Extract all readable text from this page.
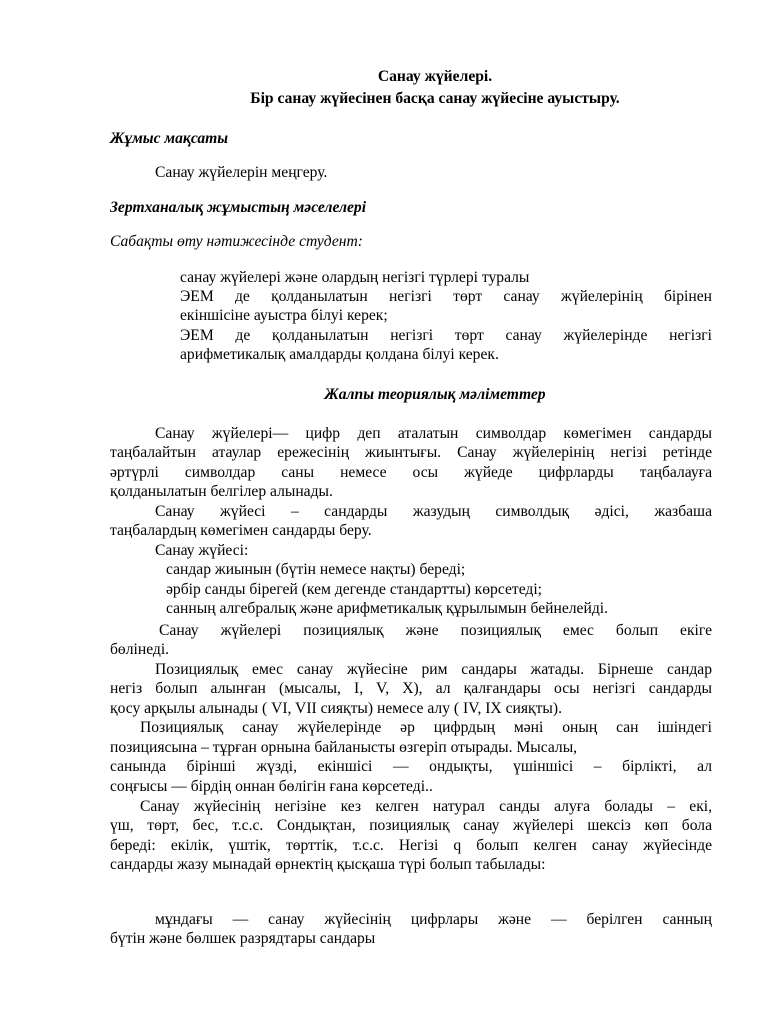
Санау жүйелері.
Бір санау жүйесінен басқа санау жүйесіне ауыстыру.
Жұмыс мақсаты
Санау жүйелерін меңгеру.
Зертханалық жұмыстың мәселелері
Сабақты өту нәтижесінде студент:
санау жүйелері және олардың негізгі түрлері туралы
ЭЕМ де қолданылатын негізгі төрт санау жүйелерінің бірінен
екіншісіне ауыстра білуі керек;
ЭЕМ де қолданылатын негізгі төрт санау жүйелерінде негізгі
арифметикалық амалдарды қолдана білуі керек.
Жалпы теориялық мәліметтер
Санау жүйелері— цифр деп аталатын символдар көмегімен сандарды
таңбалайтын атаулар ережесінің жиынтығы. Санау жүйелерінің негізі ретінде
әртүрлі символдар саны немесе осы жүйеде цифрларды таңбалауға
қолданылатын белгілер алынады.
Санау жүйесі – сандарды жазудың символдық әдісі, жазбаша
таңбалардың көмегімен сандарды беру.
Санау жүйесі:
сандар жиынын (бүтін немесе нақты) береді;
әрбір санды бірегей (кем дегенде стандартты) көрсетеді;
санның алгебралық және арифметикалық құрылымын бейнелейді.
Санау жүйелері позициялық және позициялық емес болып екіге
бөлінеді.
Позициялық емес санау жүйесіне рим сандары жатады. Бірнеше сандар
негіз болып алынған (мысалы, I, V, X), ал қалғандары осы негізгі сандарды
қосу арқылы алынады ( VI, VII сияқты) немесе алу ( IV, IX сияқты).
Позициялық санау жүйелерінде әр цифрдың мәні оның сан ішіндегі
позициясына – тұрған орнына байланысты өзгеріп отырады. Мысалы,
санында бірінші жүзді, екіншісі — ондықты, үшіншісі – бірлікті, ал
соңғысы — бірдің оннан бөлігін ғана көрсетеді..
Санау жүйесінің негізіне кез келген натурал санды алуға болады – екі,
үш, төрт, бес, т.с.с. Сондықтан, позициялық санау жүйелері шексіз көп бола
береді: екілік, үштік, төрттік, т.с.с. Негізі q болып келген санау жүйесінде
сандарды жазу мынадай өрнектің қысқаша түрі болып табылады:
мұндағы — санау жүйесінің цифрлары және — берілген санның
бүтін және бөлшек разрядтары сандары
